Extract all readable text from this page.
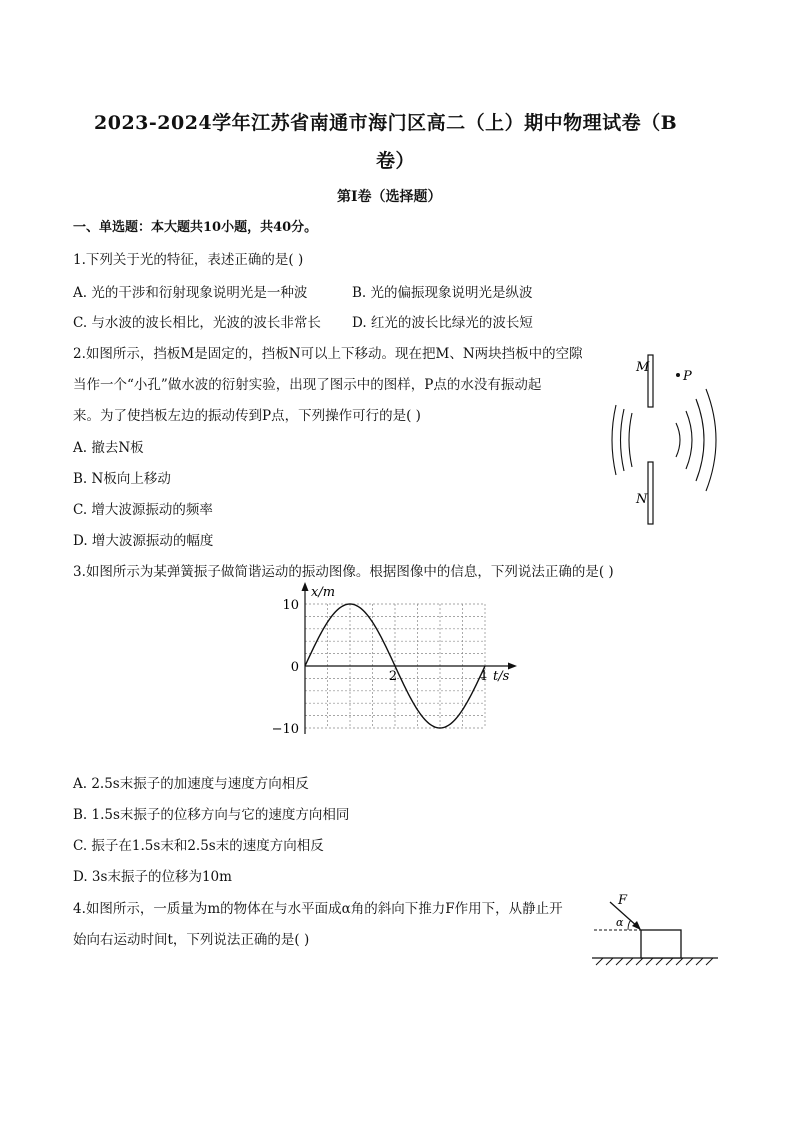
2023-2024学年江苏省南通市海门区高二（上）期中物理试卷（B
卷）
第Ⅰ卷（选择题）
一、单选题：本大题共10小题，共40分。
1.下列关于光的特征，表述正确的是( )
A. 光的干涉和衍射现象说明光是一种波	B. 光的偏振现象说明光是纵波
C. 与水波的波长相比，光波的波长非常长 D. 红光的波长比绿光的波长短
2.如图所示，挡板M是固定的，挡板N可以上下移动。现在把M、N两块挡板中的空隙
当作一个“小孔”做水波的衍射实验，出现了图示中的图样，P点的水没有振动起
来。为了使挡板左边的振动传到P点，下列操作可行的是( )
A. 撤去N板
B. N板向上移动
C. 增大波源振动的频率
D. 增大波源振动的幅度
M
N
P
3.如图所示为某弹簧振子做简谐运动的振动图像。根据图像中的信息，下列说法正确的是( )
10
0
−10
2	4 t/s
x/m
A. 2.5s末振子的加速度与速度方向相反
B. 1.5s末振子的位移方向与它的速度方向相同
C. 振子在1.5s末和2.5s末的速度方向相反
D. 3s末振子的位移为10m
4.如图所示，一质量为m的物体在与水平面成α角的斜向下推力F作用下，从静止开
始向右运动时间t，下列说法正确的是( )
F
α
